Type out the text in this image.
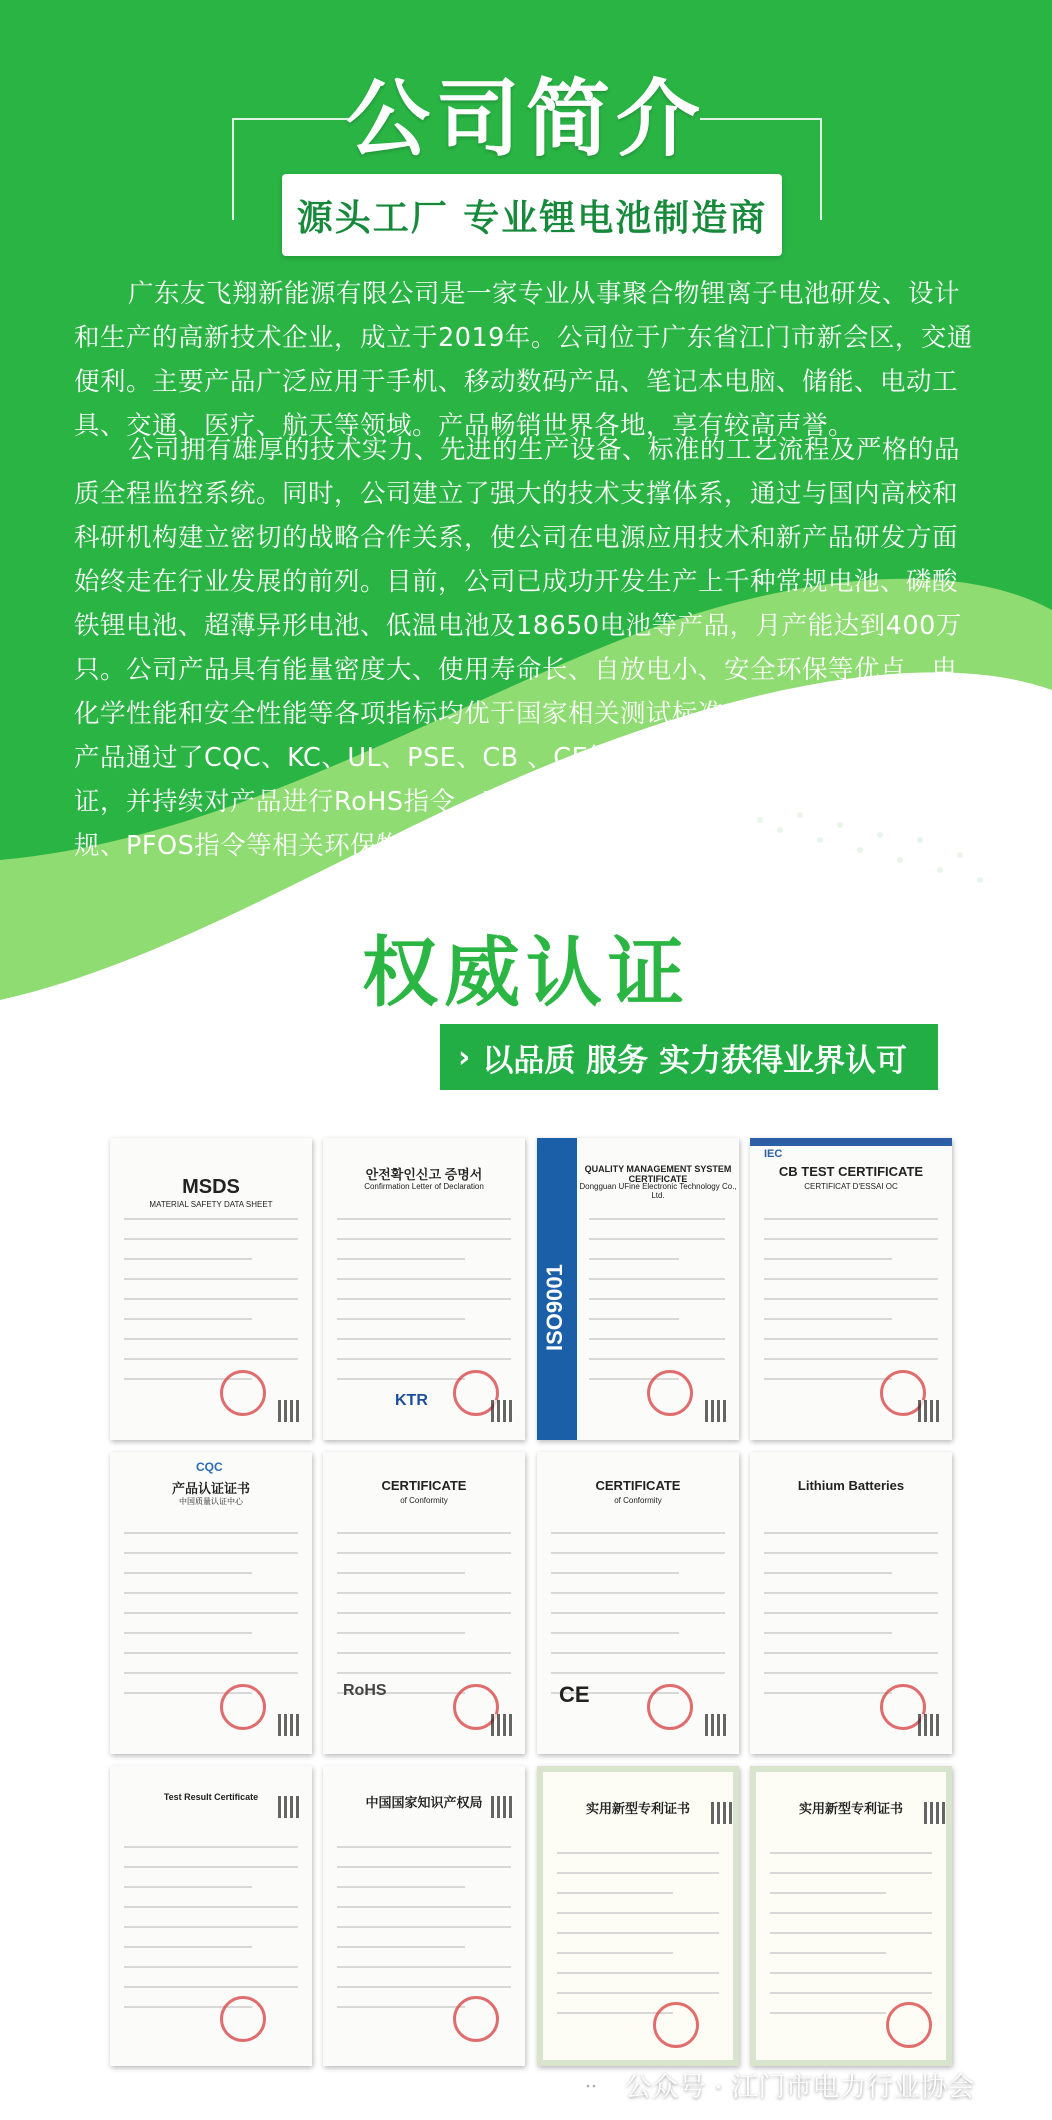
公司简介
源头工厂 专业锂电池制造商
广东友飞翔新能源有限公司是一家专业从事聚合物锂离子电池研发、设计
和生产的高新技术企业，成立于2019年。公司位于广东省江门市新会区，交通
便利。主要产品广泛应用于手机、移动数码产品、笔记本电脑、储能、电动工
具、交通、医疗、航天等领域。产品畅销世界各地，享有较高声誉。
公司拥有雄厚的技术实力、先进的生产设备、标准的工艺流程及严格的品
质全程监控系统。同时，公司建立了强大的技术支撑体系，通过与国内高校和
科研机构建立密切的战略合作关系，使公司在电源应用技术和新产品研发方面
始终走在行业发展的前列。目前，公司已成功开发生产上千种常规电池、磷酸
铁锂电池、超薄异形电池、低温电池及18650电池等产品，月产能达到400万
只。公司产品具有能量密度大、使用寿命长、自放电小、安全环保等优点，电
化学性能和安全性能等各项指标均优于国家相关测试标准。公司
产品通过了CQC、KC、UL、PSE、CB 、CE等相关认
证，并持续对产品进行RoHS指令、REACH法
规、PFOS指令等相关环保物质的检测。
权威认证
› 以品质 服务 实力获得业界认可
MSDS
MATERIAL SAFETY DATA SHEET
안전확인신고 증명서
Confirmation Letter of Declaration
KTR
QUALITY MANAGEMENT SYSTEM CERTIFICATE
Dongguan UFine Electronic Technology Co., Ltd.
ISO9001
CB TEST CERTIFICATE
CERTIFICAT D'ESSAI OC
IEC
产品认证证书
中国质量认证中心
CQC
CERTIFICATE
of Conformity
RoHS
CERTIFICATE
of Conformity
CE
Lithium Batteries
Test Result Certificate	中国国家知识产权局	实用新型专利证书	实用新型专利证书
公众号 · 江门市电力行业协会
